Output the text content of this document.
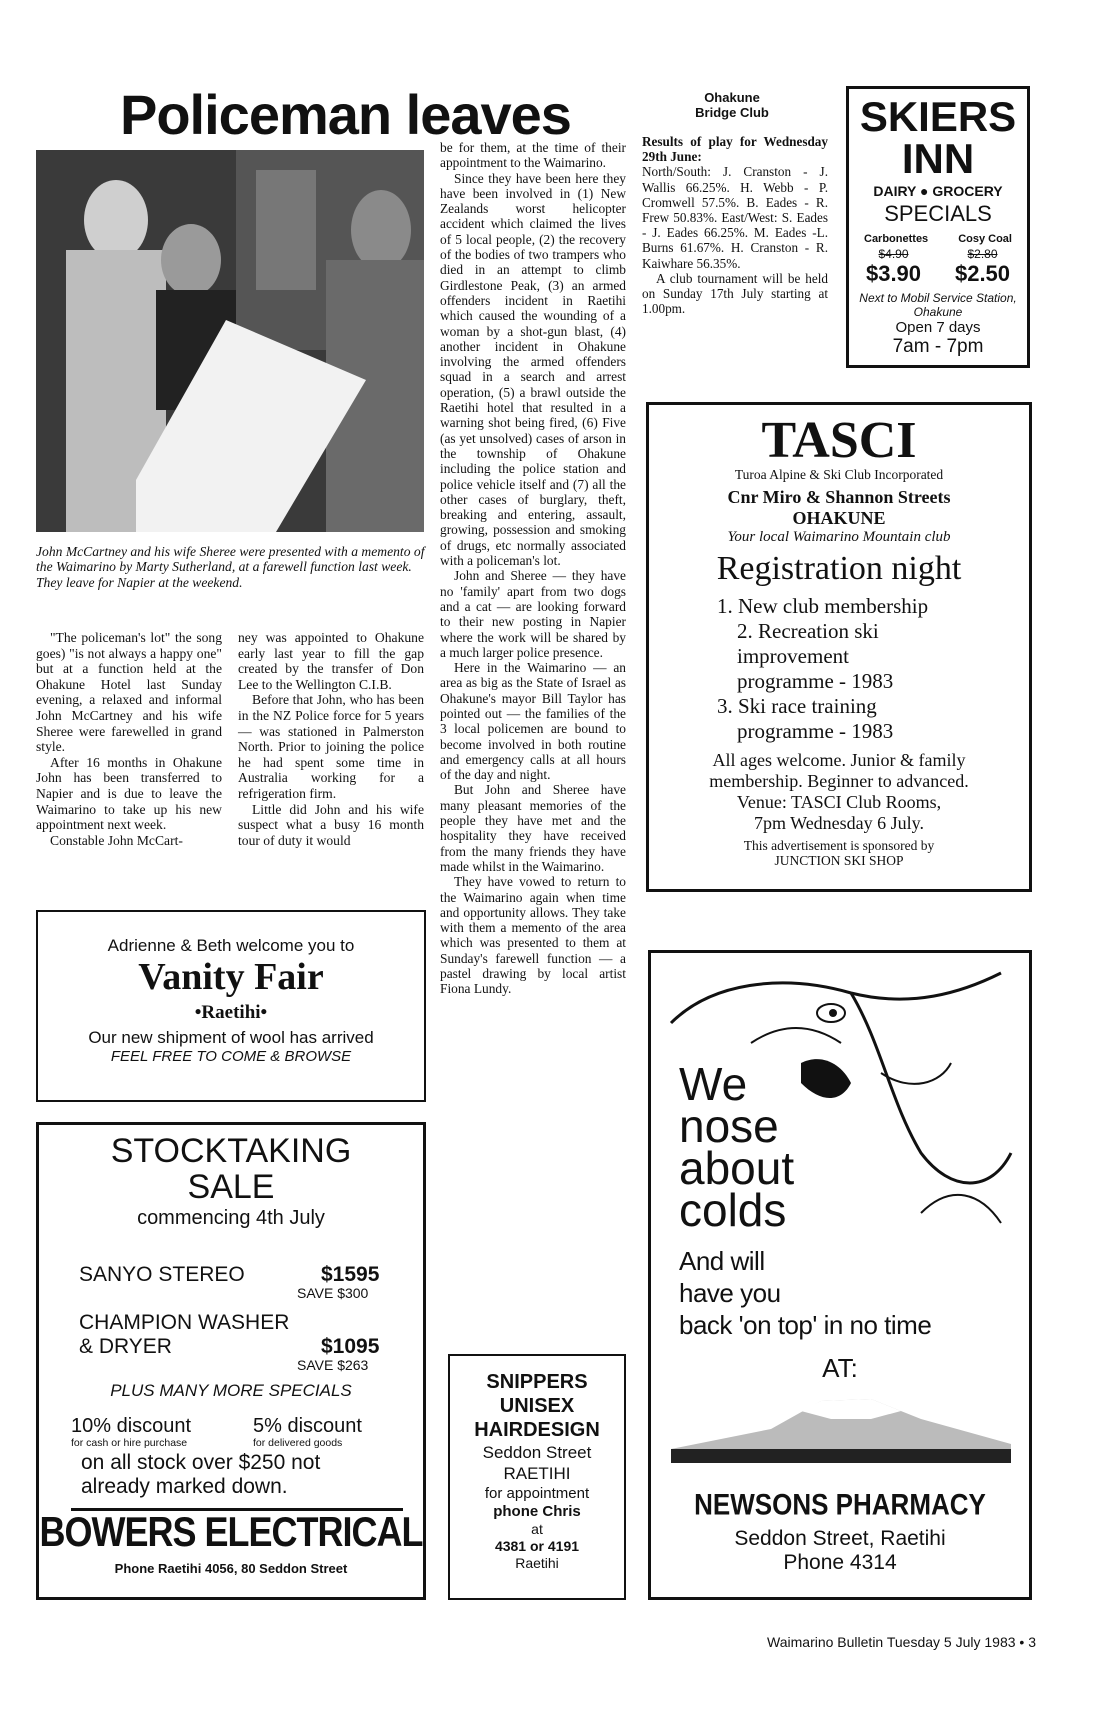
Policeman leaves
John McCartney and his wife Sheree were presented with a memento of the Waimarino by Marty Sutherland, at a farewell function last week. They leave for Napier at the weekend.

"The policeman's lot" the song goes) "is not always a happy one" but at a function held at the Ohakune Hotel last Sunday evening, a relaxed and informal John McCartney and his wife Sheree were farewelled in grand style.

After 16 months in Ohakune John has been transferred to Napier and is due to leave the Waimarino to take up his new appointment next week.

Constable John McCart-

ney was appointed to Ohakune early last year to fill the gap created by the transfer of Don Lee to the Wellington C.I.B.

Before that John, who has been in the NZ Police force for 5 years — was stationed in Palmerston North. Prior to joining the police he had spent some time in Australia working for a refrigeration firm.

Little did John and his wife suspect what a busy 16 month tour of duty it would

be for them, at the time of their appointment to the Waimarino.

Since they have been here they have been involved in (1) New Zealands worst helicopter accident which claimed the lives of 5 local people, (2) the recovery of the bodies of two trampers who died in an attempt to climb Girdlestone Peak, (3) an armed offenders incident in Raetihi which caused the wounding of a woman by a shot-gun blast, (4) another incident in Ohakune involving the armed offenders squad in a search and arrest operation, (5) a brawl outside the Raetihi hotel that resulted in a warning shot being fired, (6) Five (as yet unsolved) cases of arson in the township of Ohakune including the police station and police vehicle itself and (7) all the other cases of burglary, theft, breaking and entering, assault, growing, possession and smoking of drugs, etc normally associated with a policeman's lot.

John and Sheree — they have no 'family' apart from two dogs and a cat — are looking forward to their new posting in Napier where the work will be shared by a much larger police presence.

Here in the Waimarino — an area as big as the State of Israel as Ohakune's mayor Bill Taylor has pointed out — the families of the 3 local policemen are bound to become involved in both routine and emergency calls at all hours of the day and night.

But John and Sheree have many pleasant memories of the people they have met and the hospitality they have received from the many friends they have made whilst in the Waimarino.

They have vowed to return to the Waimarino again when time and opportunity allows. They take with them a memento of the area which was presented to them at Sunday's farewell function — a pastel drawing by local artist Fiona Lundy.

Ohakune
Bridge Club

Results of play for Wednesday 29th June:

North/South: J. Cranston - J. Wallis 66.25%. H. Webb - P. Cromwell 57.5%. B. Eades - R. Frew 50.83%. East/West: S. Eades - J. Eades 66.25%. M. Eades -L. Burns 61.67%. H. Cranston - R. Kaiwhare 56.35%.

A club tournament will be held on Sunday 17th July starting at 1.00pm.

SKIERS
INN
DAIRY ● GROCERY
SPECIALS
Carbonettes	Cosy Coal
$4.90	$2.80
$3.90 $2.50
Next to Mobil Service Station, Ohakune
Open 7 days
7am - 7pm
TASCI
Turoa Alpine & Ski Club Incorporated
Cnr Miro & Shannon Streets
OHAKUNE
Your local Waimarino Mountain club
Registration night
1. New club membership
2. Recreation ski
improvement
programme - 1983
3. Ski race training
programme - 1983
All ages welcome. Junior & family
membership. Beginner to advanced.
Venue: TASCI Club Rooms,
7pm Wednesday 6 July.
This advertisement is sponsored by
JUNCTION SKI SHOP
Adrienne & Beth welcome you to
Vanity Fair
•Raetihi•
Our new shipment of wool has arrived
FEEL FREE TO COME & BROWSE
STOCKTAKING
SALE
commencing 4th July
SANYO STEREO	$1595
SAVE $300
CHAMPION WASHER
& DRYER	$1095
SAVE $263
PLUS MANY MORE SPECIALS
10% discount
for cash or hire purchase
5% discount
for delivered goods
on all stock over $250 not
already marked down.
BOWERS ELECTRICAL
Phone Raetihi 4056, 80 Seddon Street
SNIPPERS
UNISEX
HAIRDESIGN
Seddon Street
RAETIHI
for appointment
phone Chris
at
4381 or 4191
Raetihi
We
nose
about
colds
And will
have you
back 'on top' in no time
AT:
NEWSONS PHARMACY
Seddon Street, Raetihi
Phone 4314
Waimarino Bulletin Tuesday 5 July 1983 • 3
